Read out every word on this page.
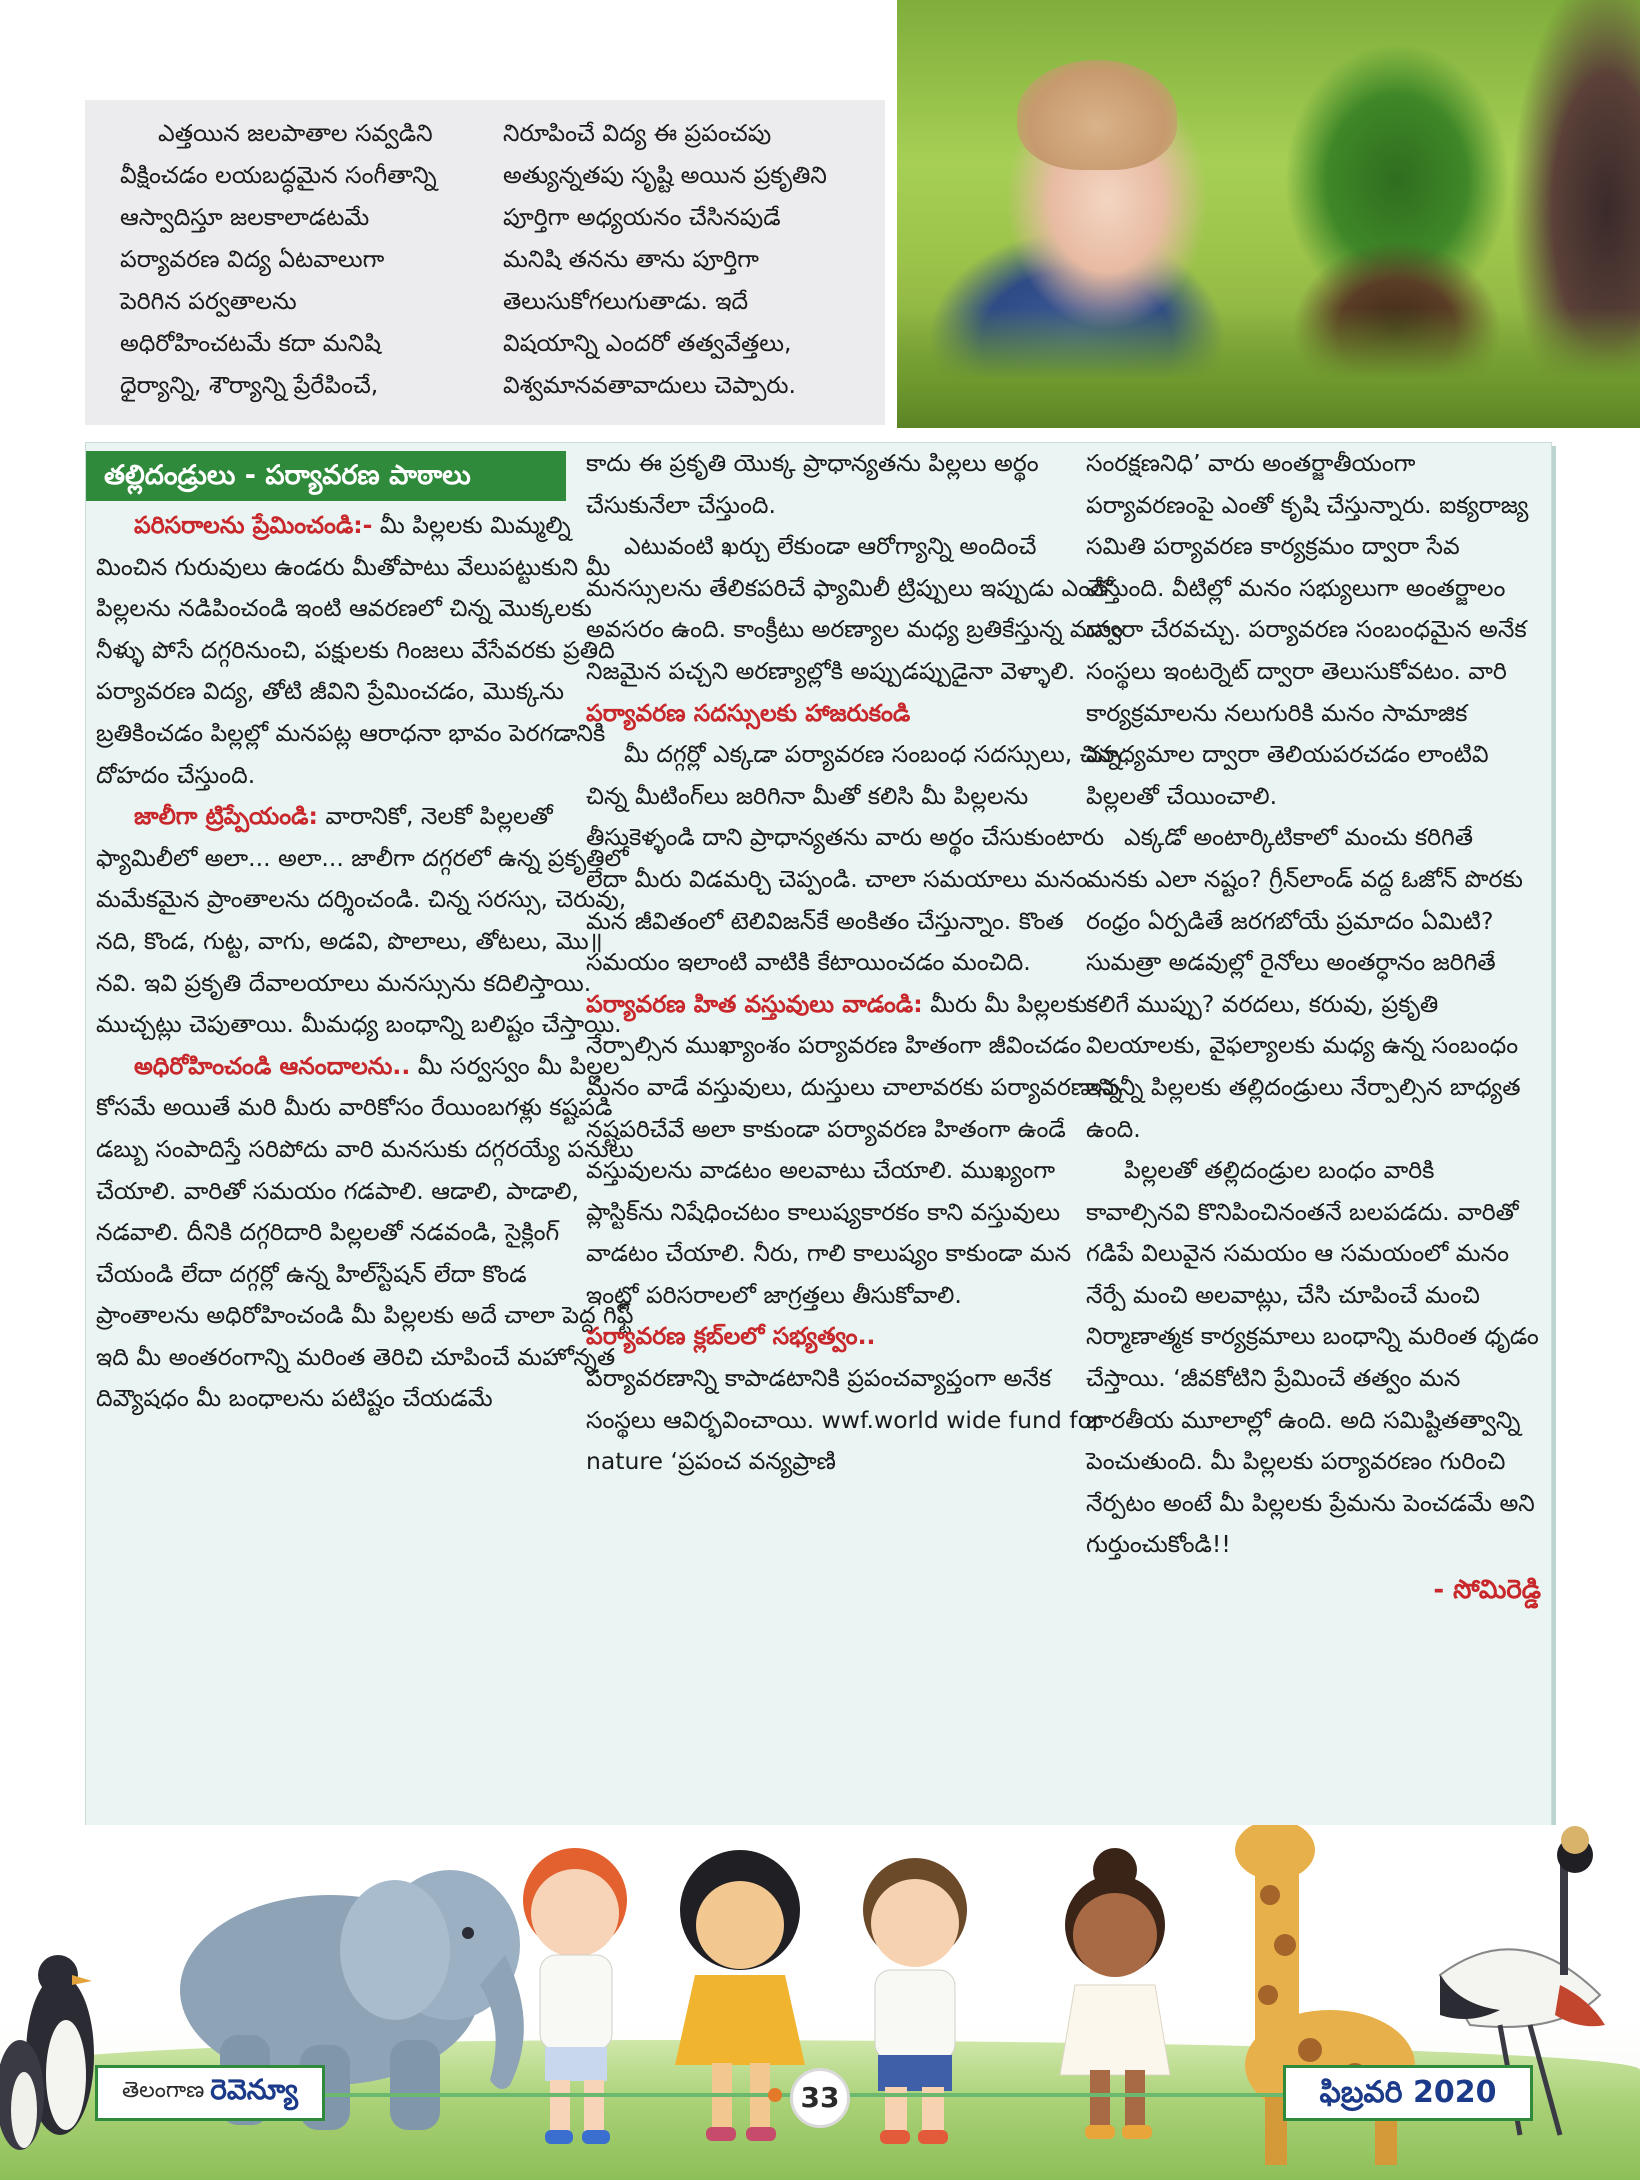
ఎత్తయిన జలపాతాల సవ్వడిని

వీక్షించడం లయబద్ధమైన సంగీతాన్ని

ఆస్వాదిస్తూ జలకాలాడటమే

పర్యావరణ విద్య ఏటవాలుగా

పెరిగిన పర్వతాలను

అధిరోహించటమే కదా మనిషి

ధైర్యాన్ని, శౌర్యాన్ని ప్రేరేపించే,

నిరూపించే విద్య ఈ ప్రపంచపు

అత్యున్నతపు సృష్టి అయిన ప్రకృతిని

పూర్తిగా అధ్యయనం చేసినపుడే

మనిషి తనను తాను పూర్తిగా

తెలుసుకోగలుగుతాడు. ఇదే

విషయాన్ని ఎందరో తత్వవేత్తలు,

విశ్వమానవతావాదులు చెప్పారు.

తల్లిదండ్రులు - పర్యావరణ పాఠాలు

పరిసరాలను ప్రేమించండి:- మీ పిల్లలకు మిమ్మల్ని మించిన గురువులు ఉండరు మీతోపాటు వేలుపట్టుకుని మీ పిల్లలను నడిపించండి ఇంటి ఆవరణలో చిన్న మొక్కలకు నీళ్ళు పోసే దగ్గరినుంచి, పక్షులకు గింజలు వేసేవరకు ప్రతిది పర్యావరణ విద్య, తోటి జీవిని ప్రేమించడం, మొక్కను బ్రతికించడం పిల్లల్లో మనపట్ల ఆరాధనా భావం పెరగడానికి దోహదం చేస్తుంది.

జాలీగా ట్రిప్పేయండి: వారానికో, నెలకో పిల్లలతో ఫ్యామిలీలో అలా... అలా... జాలీగా దగ్గరలో ఉన్న ప్రకృతిలో మమేకమైన ప్రాంతాలను దర్శించండి. చిన్న సరస్సు, చెరువు, నది, కొండ, గుట్ట, వాగు, అడవి, పొలాలు, తోటలు, మొ॥నవి. ఇవి ప్రకృతి దేవాలయాలు మనస్సును కదిలిస్తాయి. ముచ్చట్లు చెపుతాయి. మీమధ్య బంధాన్ని బలిష్టం చేస్తాయి.

అధిరోహించండి ఆనందాలను.. మీ సర్వస్వం మీ పిల్లల కోసమే అయితే మరి మీరు వారికోసం రేయింబగళ్లు కష్టపడి డబ్బు సంపాదిస్తే సరిపోదు వారి మనసుకు దగ్గరయ్యే పనులు చేయాలి. వారితో సమయం గడపాలి. ఆడాలి, పాడాలి, నడవాలి. దీనికి దగ్గరిదారి పిల్లలతో నడవండి, సైక్లింగ్ చేయండి లేదా దగ్గర్లో ఉన్న హిల్‌స్టేషన్ లేదా కొండ ప్రాంతాలను అధిరోహించండి మీ పిల్లలకు అదే చాలా పెద్ద గిఫ్ట్ ఇది మీ అంతరంగాన్ని మరింత తెరిచి చూపించే మహోన్నత దివ్యౌషధం మీ బంధాలను పటిష్టం చేయడమే

కాదు ఈ ప్రకృతి యొక్క ప్రాధాన్యతను పిల్లలు అర్థం చేసుకునేలా చేస్తుంది.

ఎటువంటి ఖర్చు లేకుండా ఆరోగ్యాన్ని అందించే మనస్సులను తేలికపరిచే ఫ్యామిలీ ట్రిప్పులు ఇప్పుడు ఎంతో అవసరం ఉంది. కాంక్రీటు అరణ్యాల మధ్య బ్రతికేస్తున్న మనం నిజమైన పచ్చని అరణ్యాల్లోకి అప్పుడప్పుడైనా వెళ్ళాలి.

పర్యావరణ సదస్సులకు హాజరుకండి

మీ దగ్గర్లో ఎక్కడా పర్యావరణ సంబంధ సదస్సులు, చిన్న చిన్న మీటింగ్‌లు జరిగినా మీతో కలిసి మీ పిల్లలను తీసుకెళ్ళండి దాని ప్రాధాన్యతను వారు అర్థం చేసుకుంటారు లేదా మీరు విడమర్చి చెప్పండి. చాలా సమయాలు మనం మన జీవితంలో టెలివిజన్‌కే అంకితం చేస్తున్నాం. కొంత సమయం ఇలాంటి వాటికి కేటాయించడం మంచిది.

పర్యావరణ హిత వస్తువులు వాడండి: మీరు మీ పిల్లలకు నేర్పాల్సిన ముఖ్యాంశం పర్యావరణ హితంగా జీవించడం మనం వాడే వస్తువులు, దుస్తులు చాలావరకు పర్యావరణాన్ని నష్టపరిచేవే అలా కాకుండా పర్యావరణ హితంగా ఉండే వస్తువులను వాడటం అలవాటు చేయాలి. ముఖ్యంగా ప్లాస్టిక్‌ను నిషేధించటం కాలుష్యకారకం కాని వస్తువులు వాడటం చేయాలి. నీరు, గాలి కాలుష్యం కాకుండా మన ఇంట్లో పరిసరాలలో జాగ్రత్తలు తీసుకోవాలి.

పర్యావరణ క్లబ్‌లలో సభ్యత్వం..

పర్యావరణాన్ని కాపాడటానికి ప్రపంచవ్యాప్తంగా అనేక సంస్థలు ఆవిర్భవించాయి. wwf.world wide fund for nature ‘ప్రపంచ వన్యప్రాణి

సంరక్షణనిధి’ వారు అంతర్జాతీయంగా పర్యావరణంపై ఎంతో కృషి చేస్తున్నారు. ఐక్యరాజ్య సమితి పర్యావరణ కార్యక్రమం ద్వారా సేవ చేస్తుంది. వీటిల్లో మనం సభ్యులుగా అంతర్జాలం ద్వారా చేరవచ్చు. పర్యావరణ సంబంధమైన అనేక సంస్థలు ఇంటర్నెట్ ద్వారా తెలుసుకోవటం. వారి కార్యక్రమాలను నలుగురికి మనం సామాజిక మాధ్యమాల ద్వారా తెలియపరచడం లాంటివి పిల్లలతో చేయించాలి.

ఎక్కడో అంటార్కిటికాలో మంచు కరిగితే మనకు ఎలా నష్టం? గ్రీన్‌లాండ్ వద్ద ఓజోన్ పొరకు రంధ్రం ఏర్పడితే జరగబోయే ప్రమాదం ఏమిటి? సుమత్రా అడవుల్లో రైనోలు అంతర్ధానం జరిగితే కలిగే ముప్పు? వరదలు, కరువు, ప్రకృతి విలయాలకు, వైఫల్యాలకు మధ్య ఉన్న సంబంధం ఇవన్నీ పిల్లలకు తల్లిదండ్రులు నేర్పాల్సిన బాధ్యత ఉంది.

పిల్లలతో తల్లిదండ్రుల బంధం వారికి కావాల్సినవి కొనిపించినంతనే బలపడదు. వారితో గడిపే విలువైన సమయం ఆ సమయంలో మనం నేర్పే మంచి అలవాట్లు, చేసి చూపించే మంచి నిర్మాణాత్మక కార్యక్రమాలు బంధాన్ని మరింత ధృడం చేస్తాయి. ‘జీవకోటిని ప్రేమించే తత్వం మన భారతీయ మూలాల్లో ఉంది. అది సమిష్టితత్వాన్ని పెంచుతుంది. మీ పిల్లలకు పర్యావరణం గురించి నేర్పటం అంటే మీ పిల్లలకు ప్రేమను పెంచడమే అని గుర్తుంచుకోండి!!

- సోమిరెడ్డి
తెలంగాణ రెవెన్యూ	33	ఫిబ్రవరి 2020
